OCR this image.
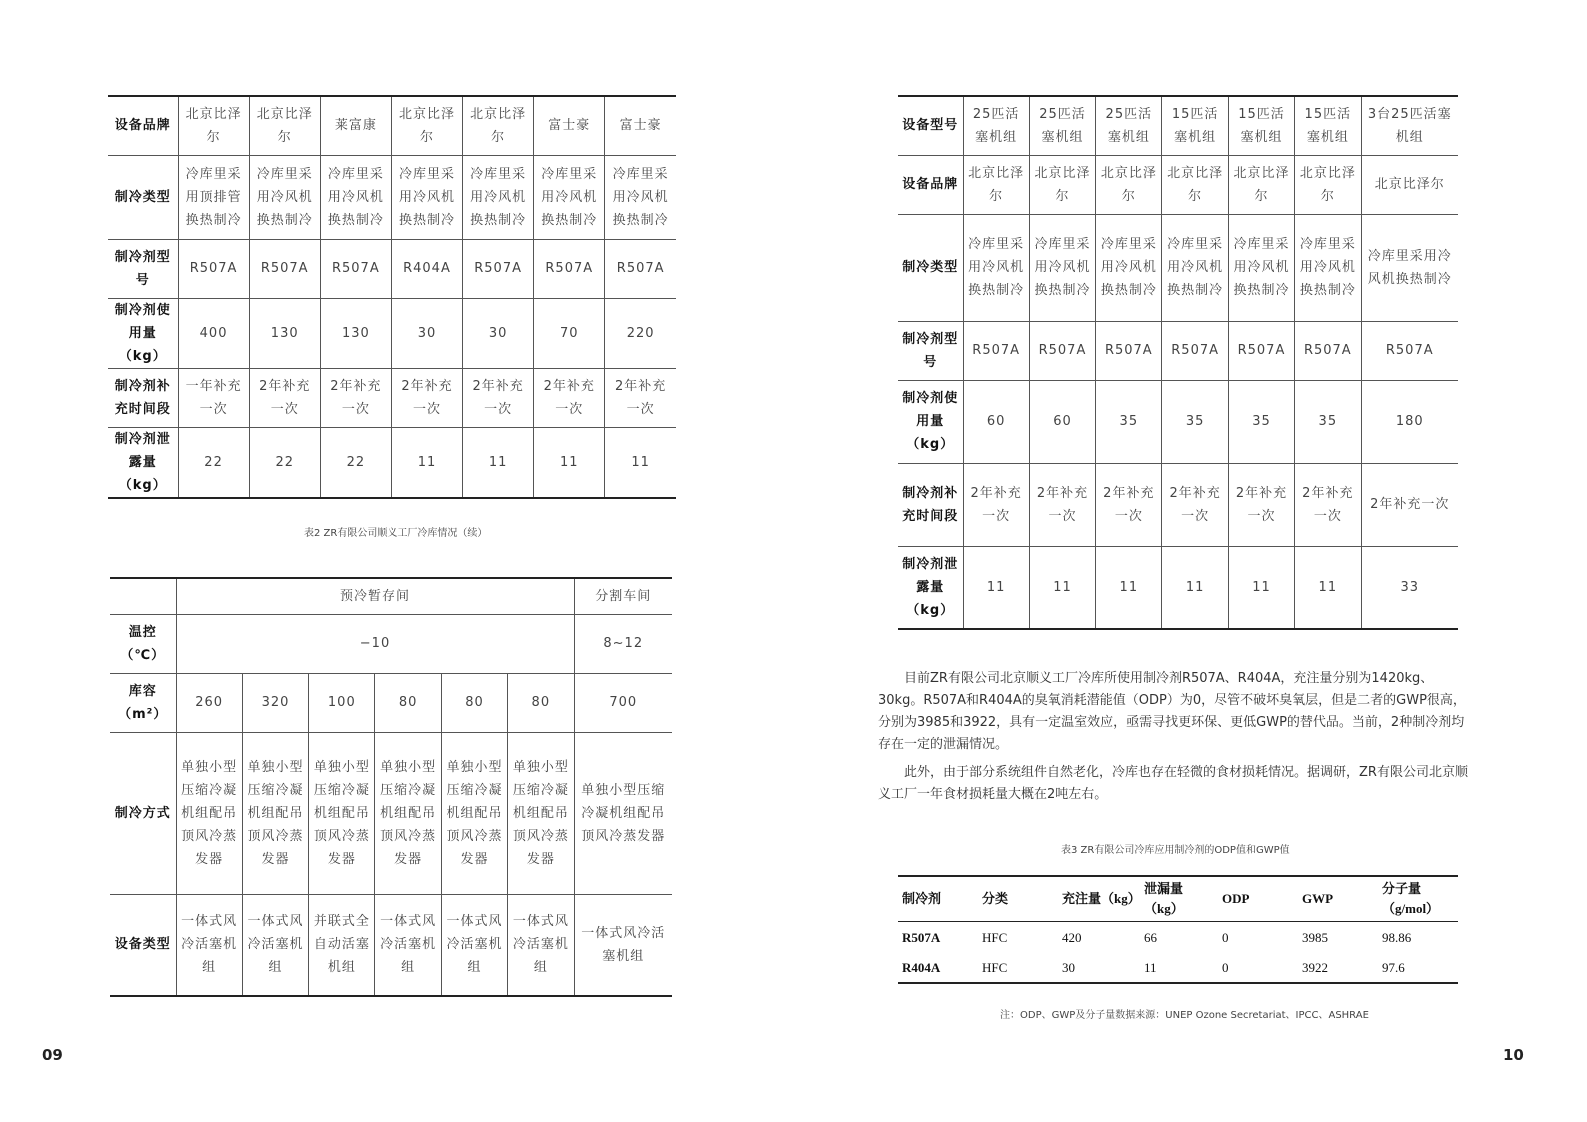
设备品牌	北京比泽尔	北京比泽尔	莱富康	北京比泽尔	北京比泽尔	富士豪	富士豪
制冷类型	冷库里采用顶排管换热制冷	冷库里采用冷风机换热制冷	冷库里采用冷风机换热制冷	冷库里采用冷风机换热制冷	冷库里采用冷风机换热制冷	冷库里采用冷风机换热制冷	冷库里采用冷风机换热制冷
制冷剂型号	R507A	R507A	R507A	R404A	R507A	R507A	R507A
制冷剂使用量（kg）	400	130	130	30	30	70	220
制冷剂补充时间段	一年补充一次	2年补充一次	2年补充一次	2年补充一次	2年补充一次	2年补充一次	2年补充一次
制冷剂泄露量（kg）	22	22	22	11	11	11	11
表2 ZR有限公司顺义工厂冷库情况（续）
	预冷暂存间						分割车间
温控（℃）	−10						8~12
库容（m²）	260	320	100	80	80	80	700
制冷方式	单独小型压缩冷凝机组配吊顶风冷蒸发器	单独小型压缩冷凝机组配吊顶风冷蒸发器	单独小型压缩冷凝机组配吊顶风冷蒸发器	单独小型压缩冷凝机组配吊顶风冷蒸发器	单独小型压缩冷凝机组配吊顶风冷蒸发器	单独小型压缩冷凝机组配吊顶风冷蒸发器	单独小型压缩冷凝机组配吊顶风冷蒸发器
设备类型	一体式风冷活塞机组	一体式风冷活塞机组	并联式全自动活塞机组	一体式风冷活塞机组	一体式风冷活塞机组	一体式风冷活塞机组	一体式风冷活塞机组
设备型号	25匹活塞机组	25匹活塞机组	25匹活塞机组	15匹活塞机组	15匹活塞机组	15匹活塞机组	3台25匹活塞机组
设备品牌	北京比泽尔	北京比泽尔	北京比泽尔	北京比泽尔	北京比泽尔	北京比泽尔	北京比泽尔
制冷类型	冷库里采用冷风机换热制冷	冷库里采用冷风机换热制冷	冷库里采用冷风机换热制冷	冷库里采用冷风机换热制冷	冷库里采用冷风机换热制冷	冷库里采用冷风机换热制冷	冷库里采用冷风机换热制冷
制冷剂型号	R507A	R507A	R507A	R507A	R507A	R507A	R507A
制冷剂使用量（kg）	60	60	35	35	35	35	180
制冷剂补充时间段	2年补充一次	2年补充一次	2年补充一次	2年补充一次	2年补充一次	2年补充一次	2年补充一次
制冷剂泄露量（kg）	11	11	11	11	11	11	33

目前ZR有限公司北京顺义工厂冷库所使用制冷剂R507A、R404A，充注量分别为1420kg、30kg。R507A和R404A的臭氧消耗潜能值（ODP）为0，尽管不破坏臭氧层，但是二者的GWP很高，分别为3985和3922，具有一定温室效应，亟需寻找更环保、更低GWP的替代品。当前，2种制冷剂均存在一定的泄漏情况。

此外，由于部分系统组件自然老化，冷库也存在轻微的食材损耗情况。据调研，ZR有限公司北京顺义工厂一年食材损耗量大概在2吨左右。

表3 ZR有限公司冷库应用制冷剂的ODP值和GWP值
制冷剂	分类	充注量（kg）	泄漏量（kg）	ODP	GWP	分子量（g/mol）
R507A	HFC	420	66	0	3985	98.86
R404A	HFC	30	11	0	3922	97.6
注：ODP、GWP及分子量数据来源：UNEP Ozone Secretariat、IPCC、ASHRAE
09	10
